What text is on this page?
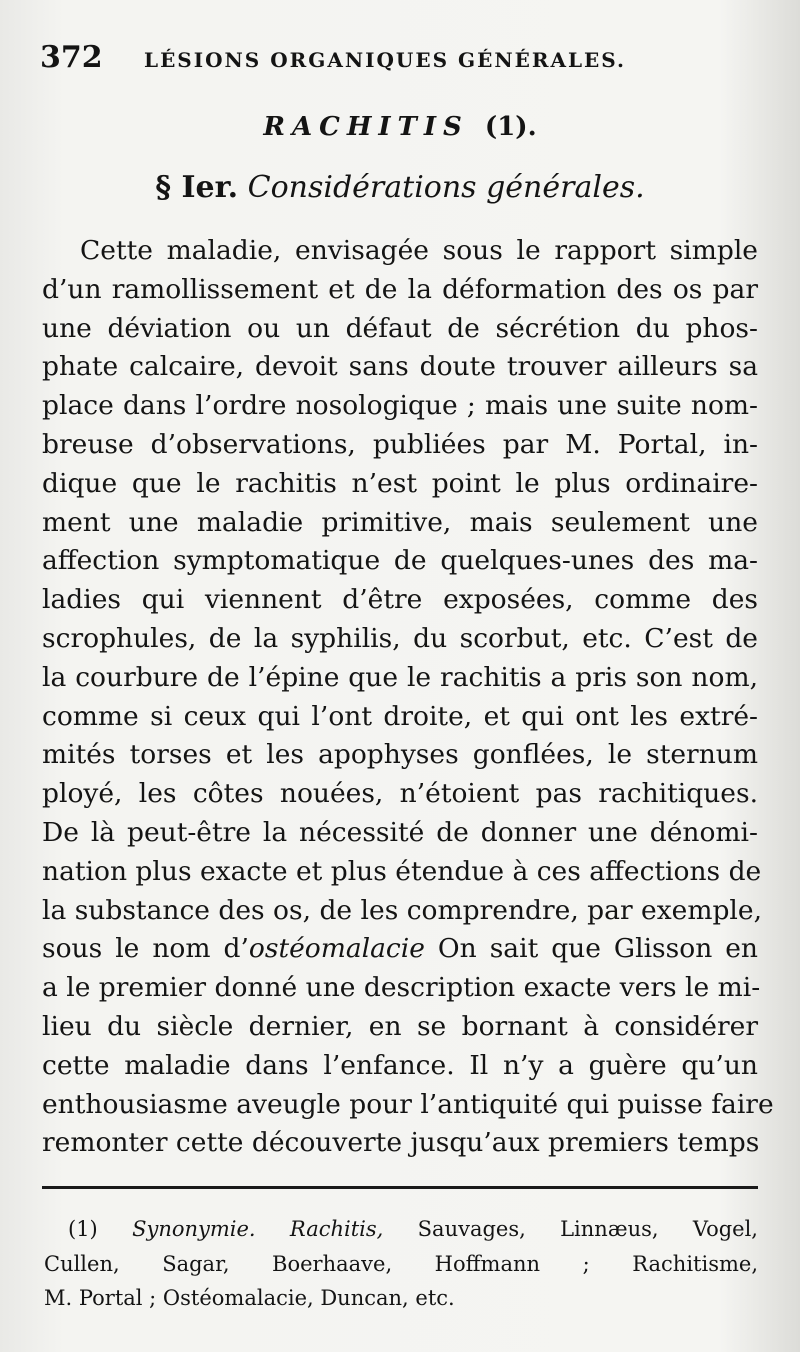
372 LÉSIONS ORGANIQUES GÉNÉRALES.
RACHITIS (1).
§ Ier. Considérations générales.
Cette maladie, envisagée sous le rapport simple
d’un ramollissement et de la déformation des os par
une déviation ou un défaut de sécrétion du phos-
phate calcaire, devoit sans doute trouver ailleurs sa
place dans l’ordre nosologique ; mais une suite nom-
breuse d’observations, publiées par M. Portal, in-
dique que le rachitis n’est point le plus ordinaire-
ment une maladie primitive, mais seulement une
affection symptomatique de quelques-unes des ma-
ladies qui viennent d’être exposées, comme des
scrophules, de la syphilis, du scorbut, etc. C’est de
la courbure de l’épine que le rachitis a pris son nom,
comme si ceux qui l’ont droite, et qui ont les extré-
mités torses et les apophyses gonflées, le sternum
ployé, les côtes nouées, n’étoient pas rachitiques.
De là peut-être la nécessité de donner une dénomi-
nation plus exacte et plus étendue à ces affections de
la substance des os, de les comprendre, par exemple,
sous le nom d’ostéomalacie On sait que Glisson en
a le premier donné une description exacte vers le mi-
lieu du siècle dernier, en se bornant à considérer
cette maladie dans l’enfance. Il n’y a guère qu’un
enthousiasme aveugle pour l’antiquité qui puisse faire
remonter cette découverte jusqu’aux premiers temps
(1) Synonymie. Rachitis, Sauvages, Linnæus, Vogel,
Cullen, Sagar, Boerhaave, Hoffmann ; Rachitisme,
M. Portal ; Ostéomalacie, Duncan, etc.
